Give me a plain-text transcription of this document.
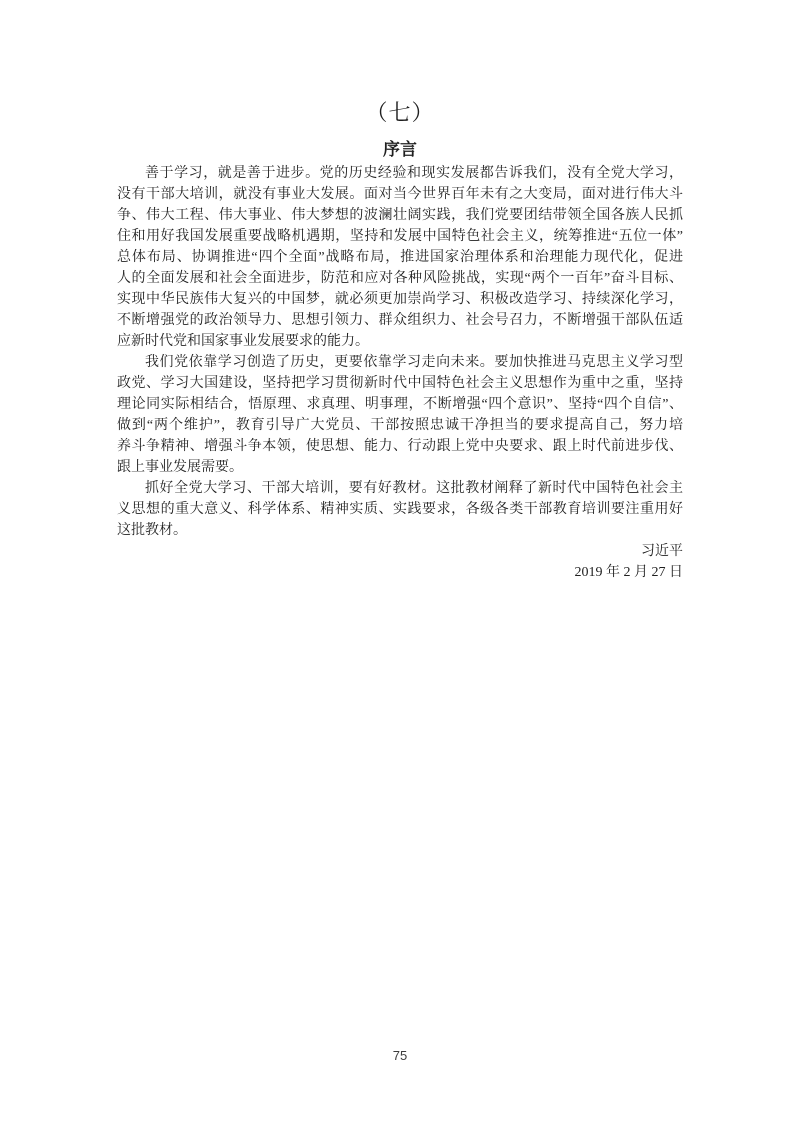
（七）
序言
善于学习，就是善于进步。党的历史经验和现实发展都告诉我们，没有全党大学习，
没有干部大培训，就没有事业大发展。面对当今世界百年未有之大变局，面对进行伟大斗
争、伟大工程、伟大事业、伟大梦想的波澜壮阔实践，我们党要团结带领全国各族人民抓
住和用好我国发展重要战略机遇期，坚持和发展中国特色社会主义，统筹推进“五位一体”
总体布局、协调推进“四个全面”战略布局，推进国家治理体系和治理能力现代化，促进
人的全面发展和社会全面进步，防范和应对各种风险挑战，实现“两个一百年”奋斗目标、
实现中华民族伟大复兴的中国梦，就必须更加崇尚学习、积极改造学习、持续深化学习，
不断增强党的政治领导力、思想引领力、群众组织力、社会号召力，不断增强干部队伍适
应新时代党和国家事业发展要求的能力。
我们党依靠学习创造了历史，更要依靠学习走向未来。要加快推进马克思主义学习型
政党、学习大国建设，坚持把学习贯彻新时代中国特色社会主义思想作为重中之重，坚持
理论同实际相结合，悟原理、求真理、明事理，不断增强“四个意识”、坚持“四个自信”、
做到“两个维护”，教育引导广大党员、干部按照忠诚干净担当的要求提高自己，努力培
养斗争精神、增强斗争本领，使思想、能力、行动跟上党中央要求、跟上时代前进步伐、
跟上事业发展需要。
抓好全党大学习、干部大培训，要有好教材。这批教材阐释了新时代中国特色社会主
义思想的重大意义、科学体系、精神实质、实践要求，各级各类干部教育培训要注重用好
这批教材。
习近平
2019 年 2 月 27 日
75
